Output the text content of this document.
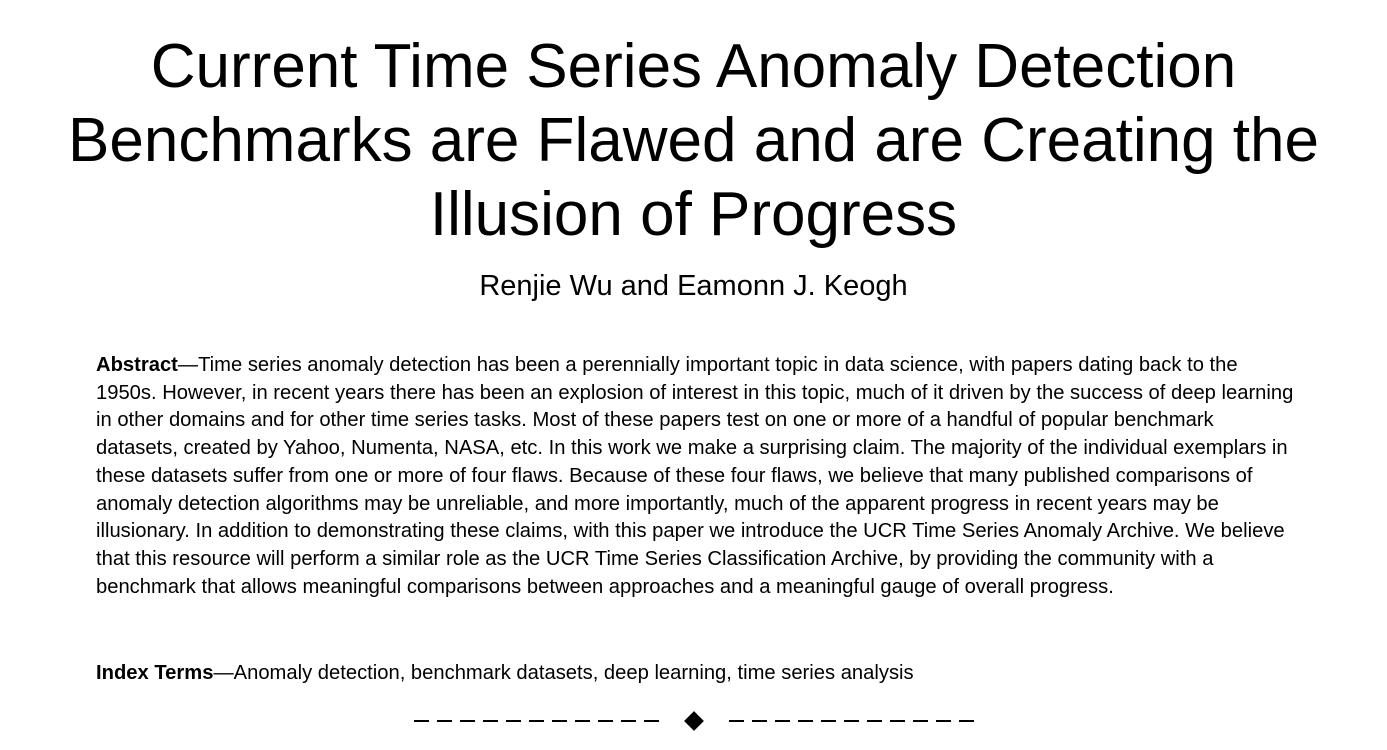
Current Time Series Anomaly Detection Benchmarks are Flawed and are Creating the Illusion of Progress
Renjie Wu and Eamonn J. Keogh

Abstract—Time series anomaly detection has been a perennially important topic in data science, with papers dating back to the 1950s. However, in recent years there has been an explosion of interest in this topic, much of it driven by the success of deep learning in other domains and for other time series tasks. Most of these papers test on one or more of a handful of popular benchmark datasets, created by Yahoo, Numenta, NASA, etc. In this work we make a surprising claim. The majority of the individual exemplars in these datasets suffer from one or more of four flaws. Because of these four flaws, we believe that many published comparisons of anomaly detection algorithms may be unreliable, and more importantly, much of the apparent progress in recent years may be illusionary. In addition to demonstrating these claims, with this paper we introduce the UCR Time Series Anomaly Archive. We believe that this resource will perform a similar role as the UCR Time Series Classification Archive, by providing the community with a benchmark that allows meaningful comparisons between approaches and a meaningful gauge of overall progress.

Index Terms—Anomaly detection, benchmark datasets, deep learning, time series analysis
